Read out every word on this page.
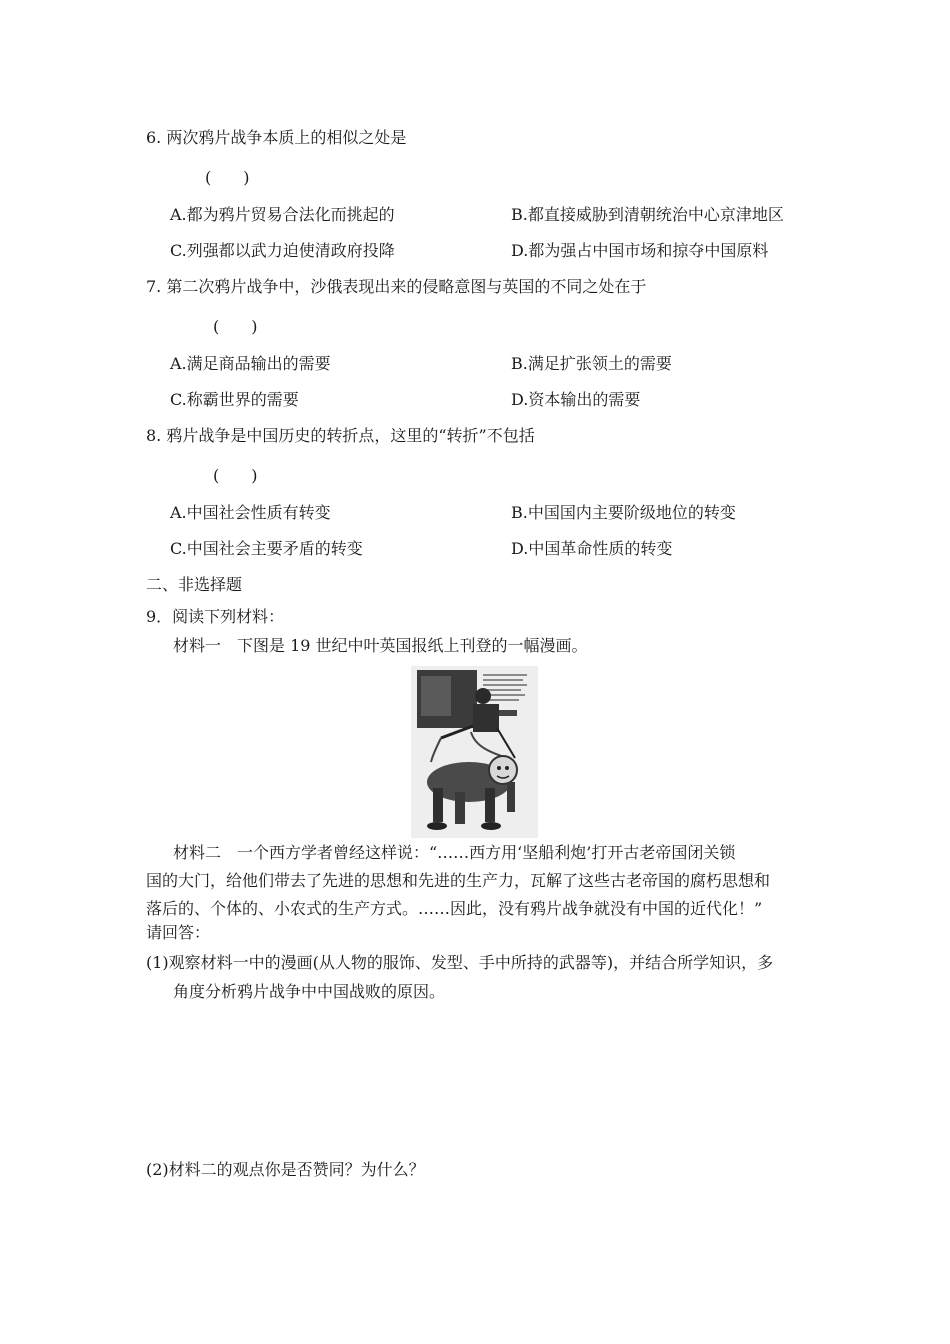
6. 两次鸦片战争本质上的相似之处是
(　　)
A.都为鸦片贸易合法化而挑起的	B.都直接威胁到清朝统治中心京津地区
C.列强都以武力迫使清政府投降	D.都为强占中国市场和掠夺中国原料
7. 第二次鸦片战争中，沙俄表现出来的侵略意图与英国的不同之处在于
(　　)
A.满足商品输出的需要	B.满足扩张领土的需要
C.称霸世界的需要	D.资本输出的需要
8. 鸦片战争是中国历史的转折点，这里的“转折”不包括
(　　)
A.中国社会性质有转变	B.中国国内主要阶级地位的转变
C.中国社会主要矛盾的转变	D.中国革命性质的转变
二、非选择题
9．阅读下列材料：
材料一　下图是 19 世纪中叶英国报纸上刊登的一幅漫画。
材料二　一个西方学者曾经这样说：“……西方用‘坚船利炮’打开古老帝国闭关锁
国的大门，给他们带去了先进的思想和先进的生产力，瓦解了这些古老帝国的腐朽思想和
落后的、个体的、小农式的生产方式。……因此，没有鸦片战争就没有中国的近代化！”
请回答：
(1)观察材料一中的漫画(从人物的服饰、发型、手中所持的武器等)，并结合所学知识，多
角度分析鸦片战争中中国战败的原因。
(2)材料二的观点你是否赞同？为什么？
